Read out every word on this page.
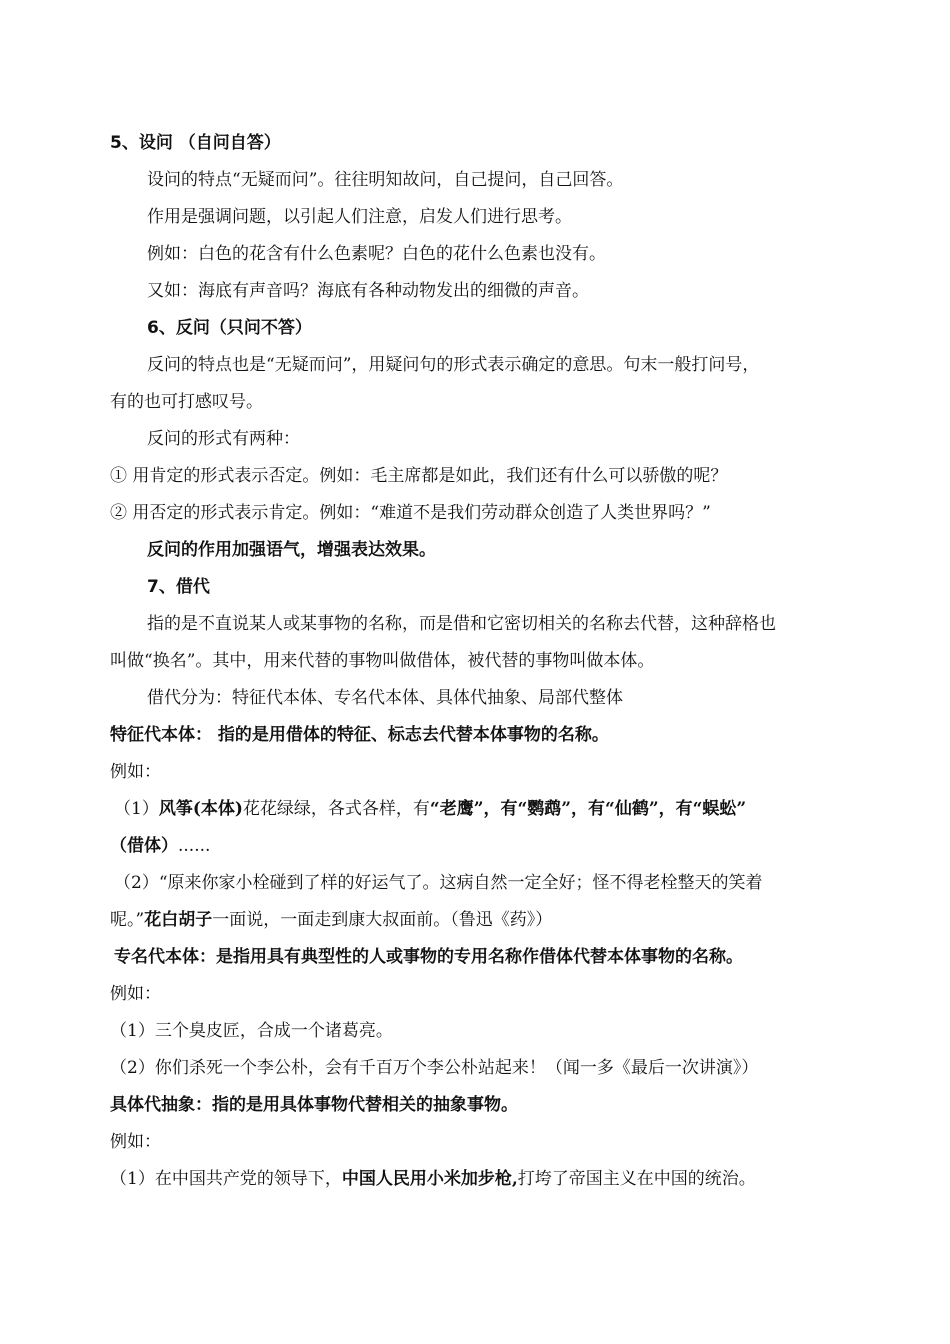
5、设问 （自问自答）
设问的特点“无疑而问”。往往明知故问，自己提问，自己回答。
作用是强调问题，以引起人们注意，启发人们进行思考。
例如：白色的花含有什么色素呢？白色的花什么色素也没有。
又如：海底有声音吗？海底有各种动物发出的细微的声音。
6、反问（只问不答）
反问的特点也是“无疑而问”，用疑问句的形式表示确定的意思。句末一般打问号，
有的也可打感叹号。
反问的形式有两种：
① 用肯定的形式表示否定。例如：毛主席都是如此，我们还有什么可以骄傲的呢？
② 用否定的形式表示肯定。例如：“难道不是我们劳动群众创造了人类世界吗？”
反问的作用加强语气，增强表达效果。
7、借代
指的是不直说某人或某事物的名称，而是借和它密切相关的名称去代替，这种辞格也
叫做“换名”。其中，用来代替的事物叫做借体，被代替的事物叫做本体。
借代分为：特征代本体、专名代本体、具体代抽象、局部代整体
特征代本体： 指的是用借体的特征、标志去代替本体事物的名称。
例如：
（1）风筝(本体)花花绿绿，各式各样，有“老鹰”，有“鹦鹉”，有“仙鹤”，有“蜈蚣”
（借体）......
（2）“原来你家小栓碰到了样的好运气了。这病自然一定全好；怪不得老栓整天的笑着
呢。”花白胡子一面说，一面走到康大叔面前。（鲁迅《药》）
专名代本体：是指用具有典型性的人或事物的专用名称作借体代替本体事物的名称。
例如：
（1）三个臭皮匠，合成一个诸葛亮。
（2）你们杀死一个李公朴，会有千百万个李公朴站起来！（闻一多《最后一次讲演》）
具体代抽象：指的是用具体事物代替相关的抽象事物。
例如：
（1）在中国共产党的领导下，中国人民用小米加步枪,打垮了帝国主义在中国的统治。
